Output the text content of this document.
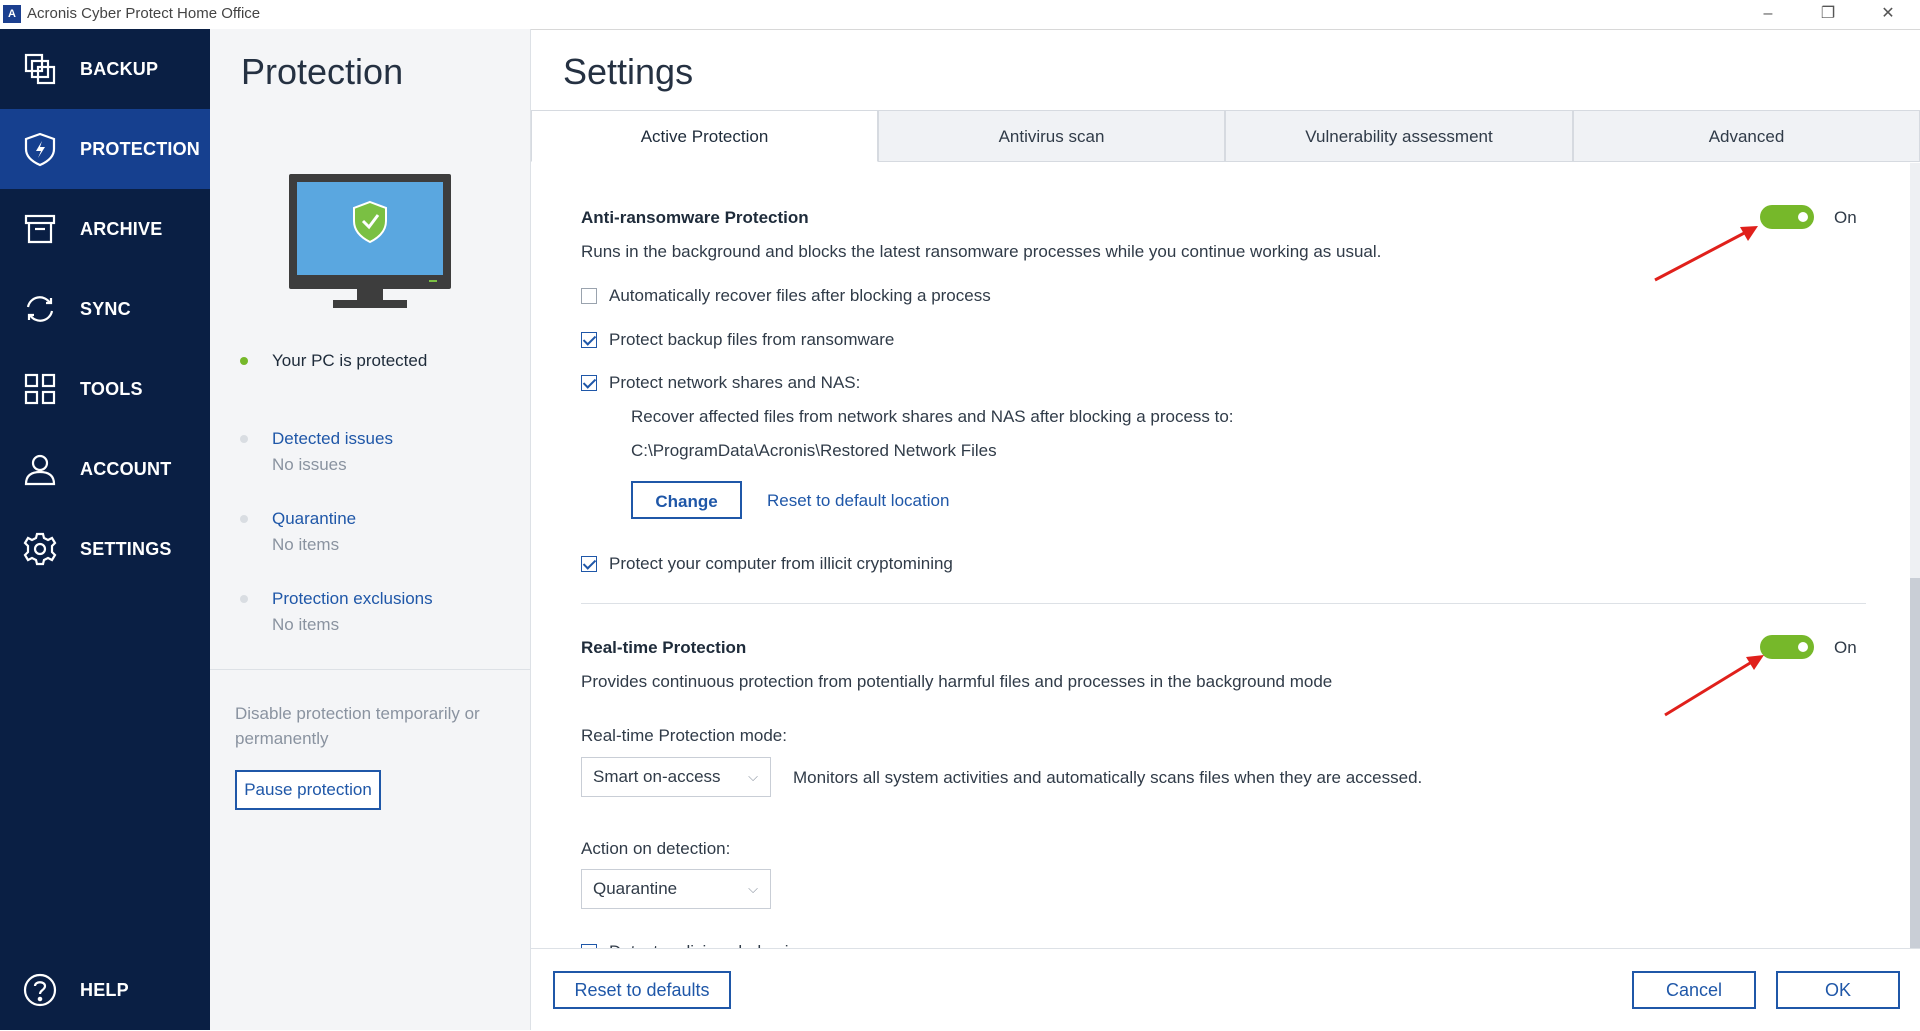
A Acronis Cyber Protect Home Office	–	❐	✕
BACKUP
PROTECTION
ARCHIVE
SYNC
TOOLS
ACCOUNT
SETTINGS
HELP
Protection
Your PC is protected
Detected issues
No issues
Quarantine
No items
Protection exclusions
No items
Disable protection temporarily or permanently
Pause protection
Settings
Active Protection	Antivirus scan	Vulnerability assessment	Advanced
Anti-ransomware Protection	On
Runs in the background and blocks the latest ransomware processes while you continue working as usual.
Automatically recover files after blocking a process
Protect backup files from ransomware
Protect network shares and NAS:
Recover affected files from network shares and NAS after blocking a process to:
C:\ProgramData\Acronis\Restored Network Files
Change	Reset to default location
Protect your computer from illicit cryptomining
Real-time Protection	On
Provides continuous protection from potentially harmful files and processes in the background mode
Real-time Protection mode:
Smart on-access ⌵ Monitors all system activities and automatically scans files when they are accessed.
Action on detection:
Quarantine	⌵
Reset to defaults	Cancel	OK
